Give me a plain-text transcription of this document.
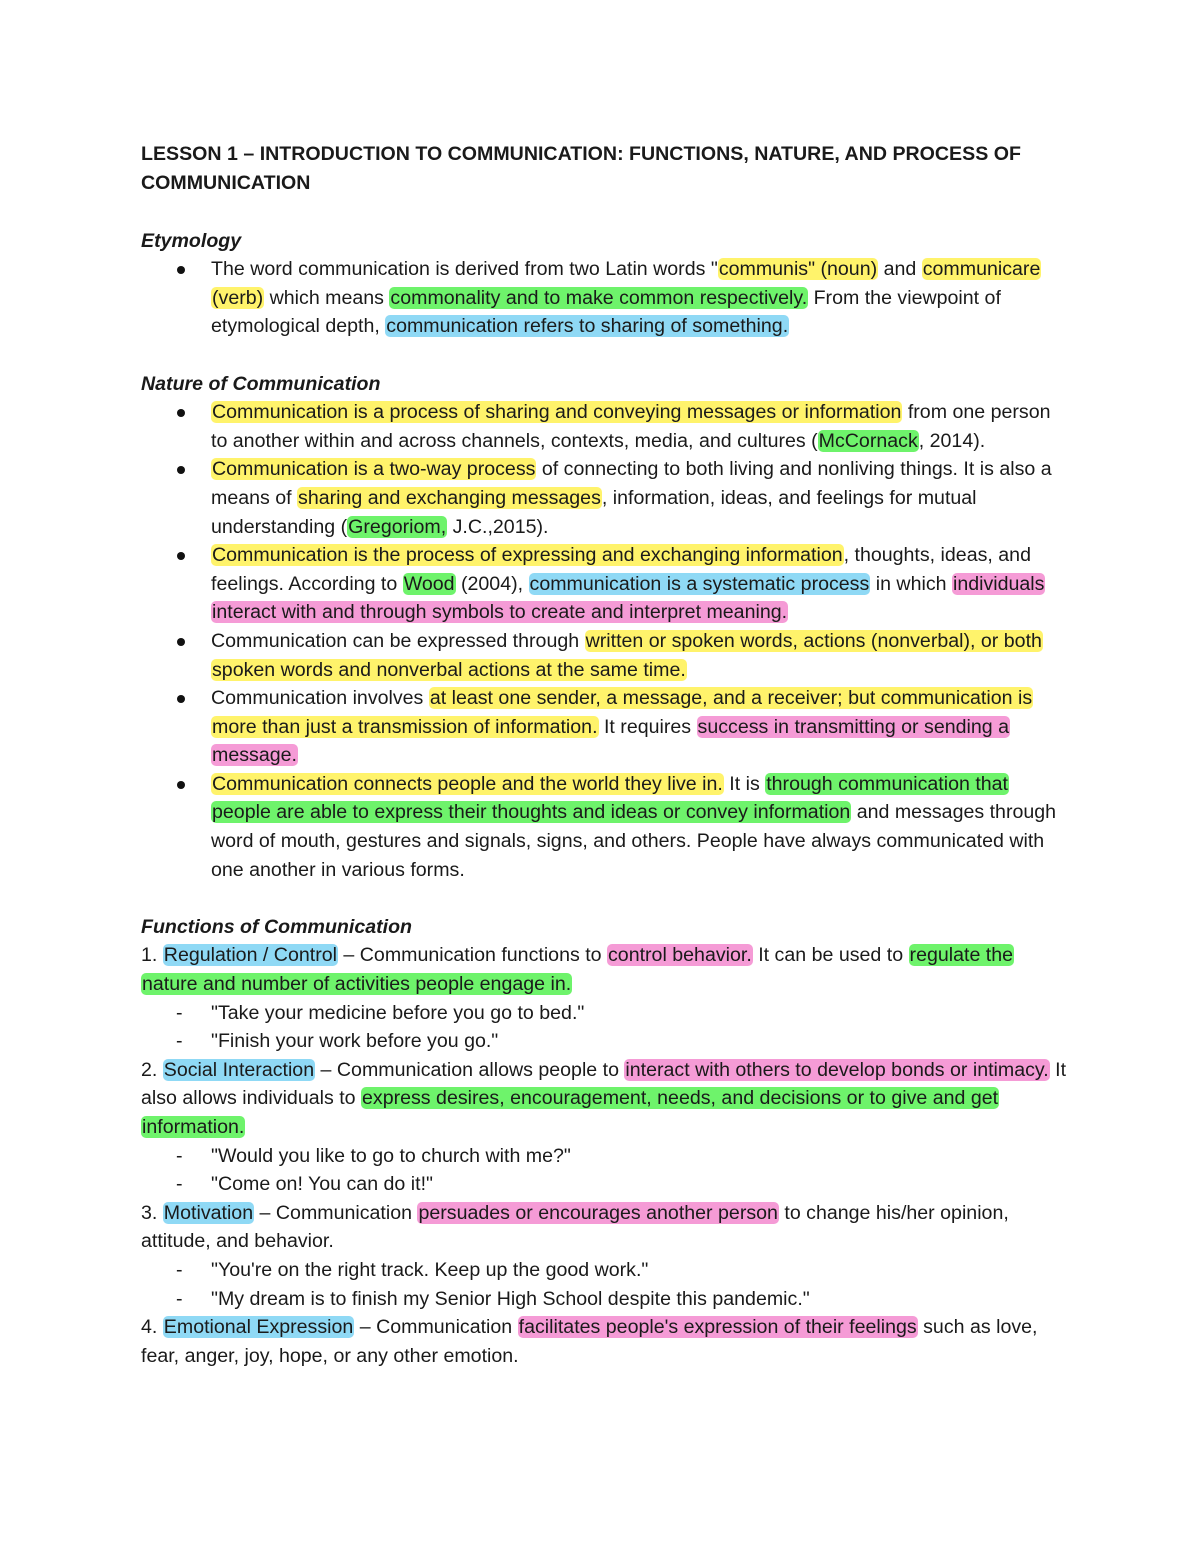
LESSON 1 – INTRODUCTION TO COMMUNICATION: FUNCTIONS, NATURE, AND PROCESS OF COMMUNICATION

Etymology

The word communication is derived from two Latin words "communis" (noun) and communicare (verb) which means commonality and to make common respectively. From the viewpoint of etymological depth, communication refers to sharing of something.

Nature of Communication

Communication is a process of sharing and conveying messages or information from one person to another within and across channels, contexts, media, and cultures (McCornack, 2014).
Communication is a two-way process of connecting to both living and nonliving things. It is also a means of sharing and exchanging messages, information, ideas, and feelings for mutual understanding (Gregoriom, J.C.,2015).
Communication is the process of expressing and exchanging information, thoughts, ideas, and feelings. According to Wood (2004), communication is a systematic process in which individuals interact with and through symbols to create and interpret meaning.
Communication can be expressed through written or spoken words, actions (nonverbal), or both spoken words and nonverbal actions at the same time.
Communication involves at least one sender, a message, and a receiver; but communication is more than just a transmission of information. It requires success in transmitting or sending a message.
Communication connects people and the world they live in. It is through communication that people are able to express their thoughts and ideas or convey information and messages through word of mouth, gestures and signals, signs, and others. People have always communicated with one another in various forms.

Functions of Communication

1. Regulation / Control – Communication functions to control behavior. It can be used to regulate the nature and number of activities people engage in.

- "Take your medicine before you go to bed."
- "Finish your work before you go."

2. Social Interaction – Communication allows people to interact with others to develop bonds or intimacy. It also allows individuals to express desires, encouragement, needs, and decisions or to give and get information.

- "Would you like to go to church with me?"
- "Come on! You can do it!"

3. Motivation – Communication persuades or encourages another person to change his/her opinion, attitude, and behavior.

- "You're on the right track. Keep up the good work."
- "My dream is to finish my Senior High School despite this pandemic."

4. Emotional Expression – Communication facilitates people's expression of their feelings such as love, fear, anger, joy, hope, or any other emotion.
